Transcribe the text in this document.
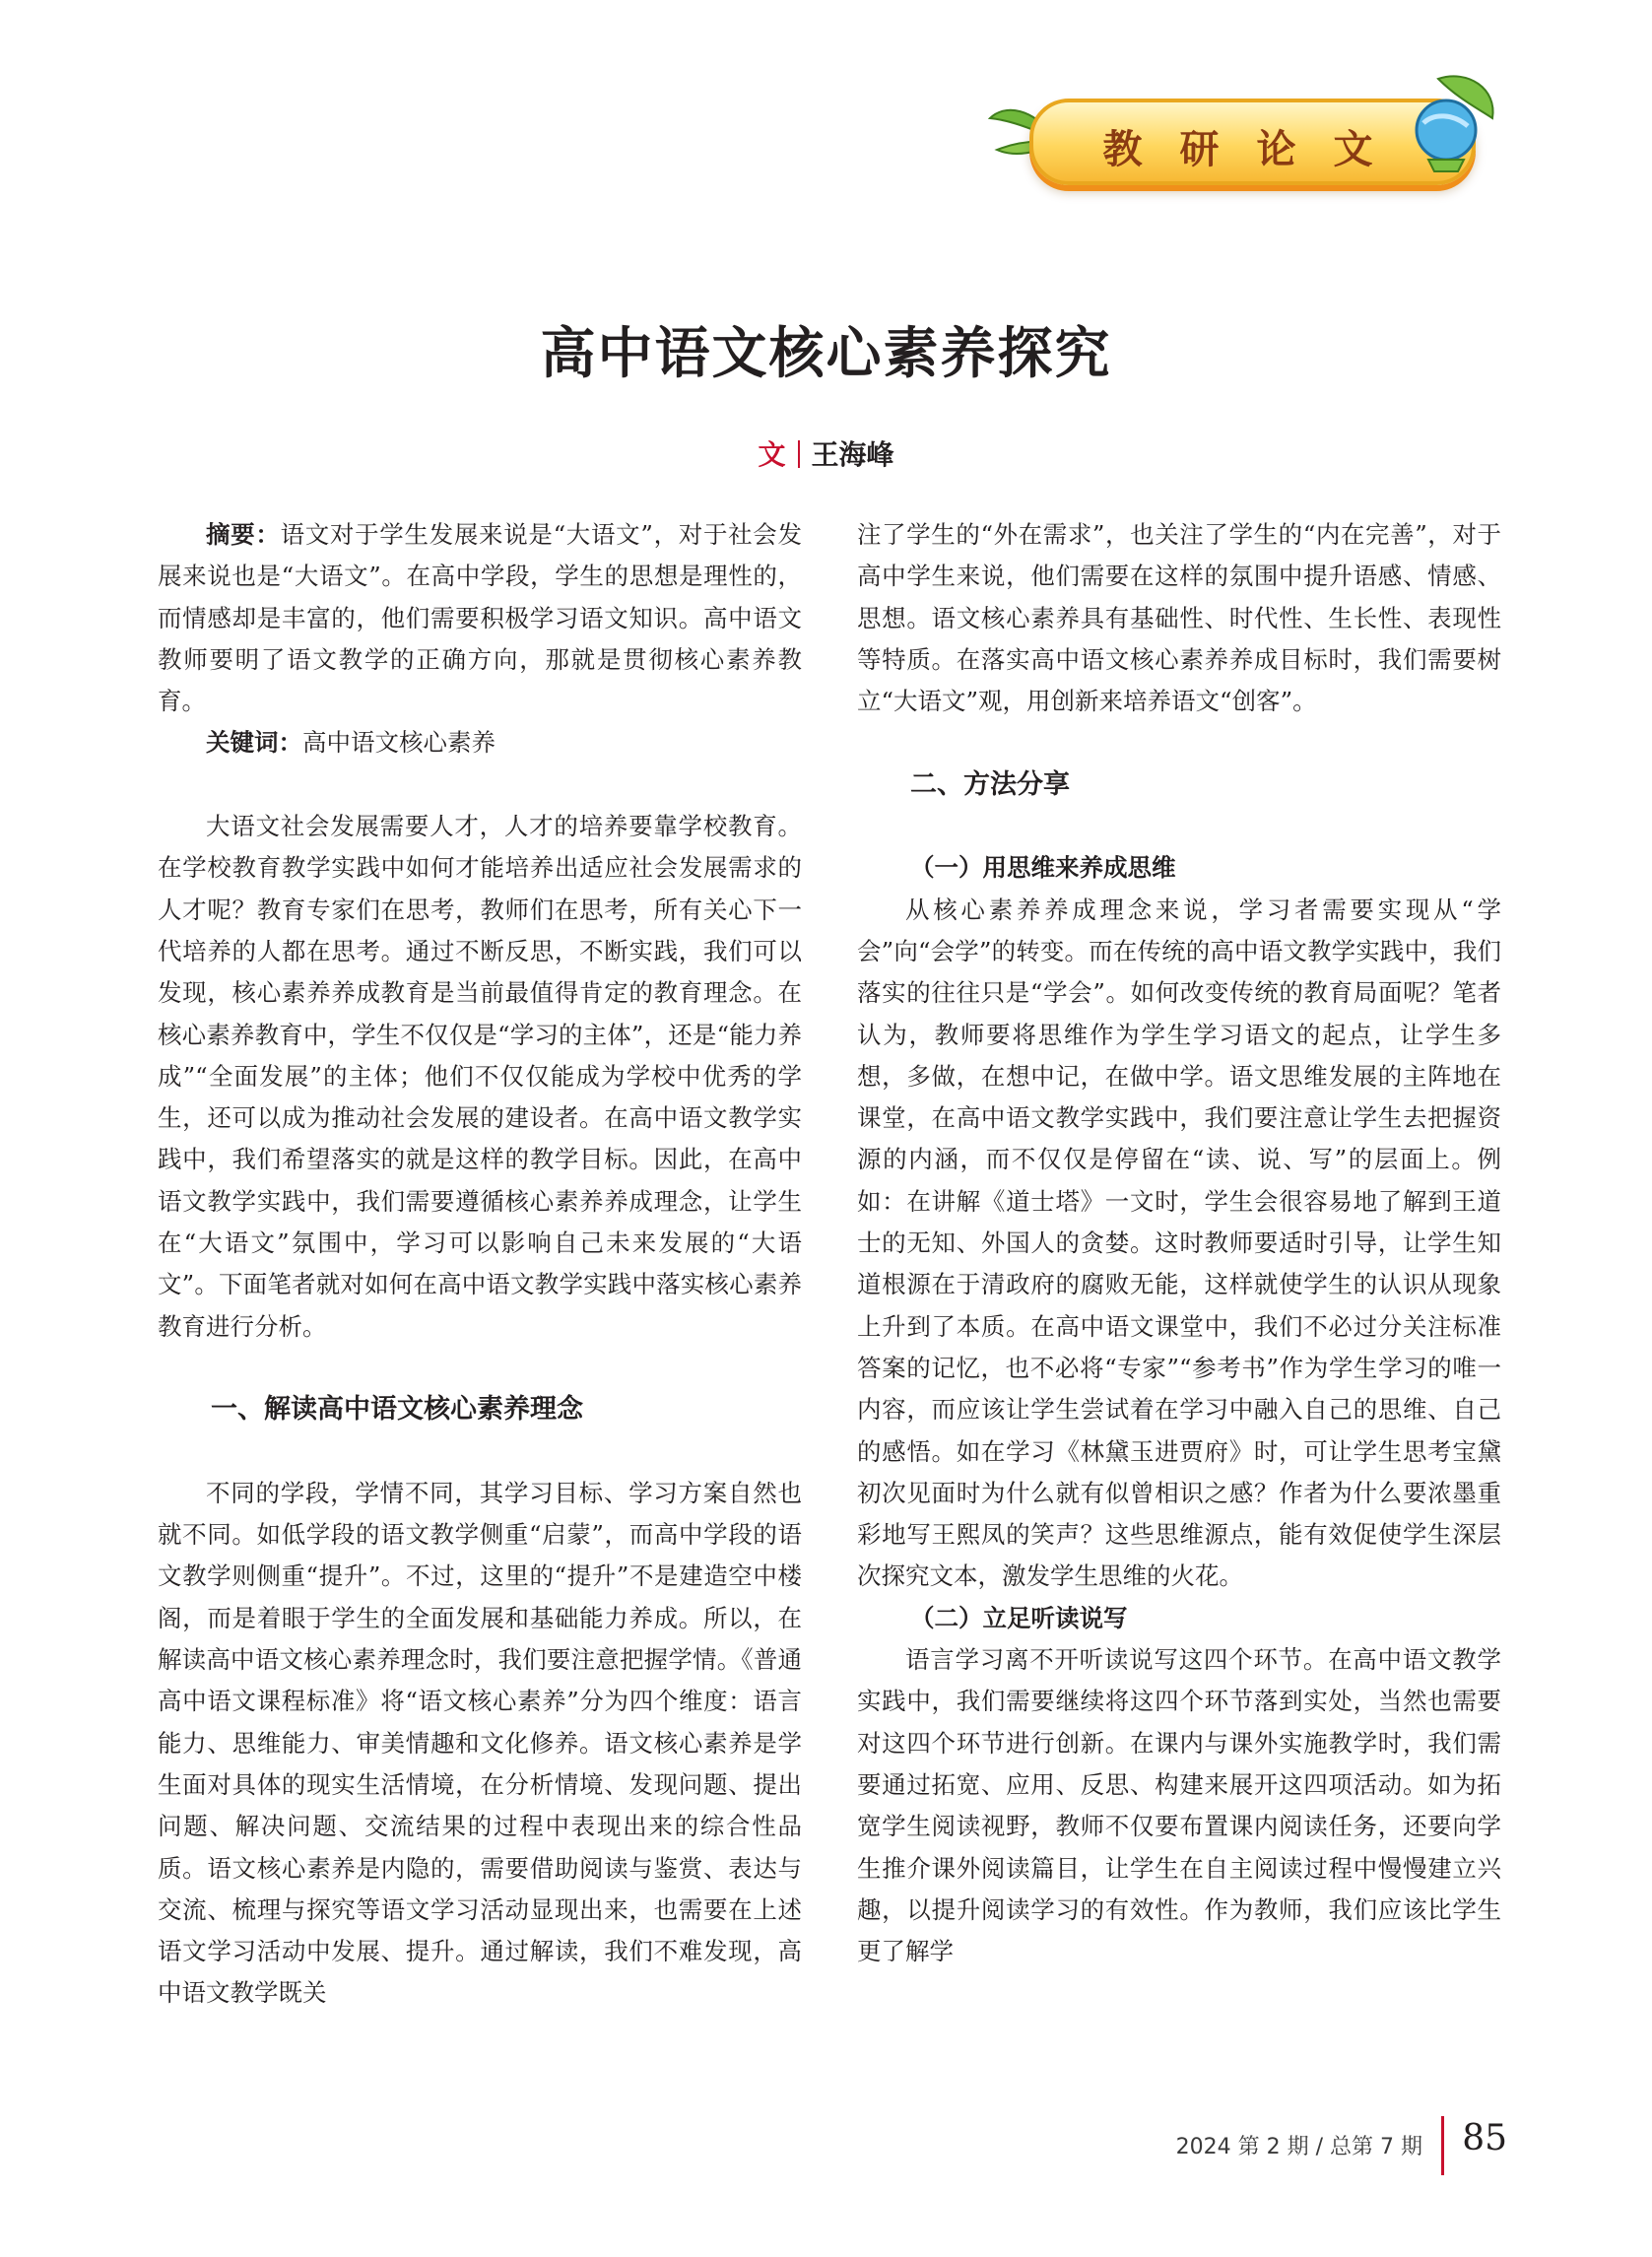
教研论文
高中语文核心素养探究
文 王海峰

摘要：语文对于学生发展来说是“大语文”，对于社会发展来说也是“大语文”。在高中学段，学生的思想是理性的，而情感却是丰富的，他们需要积极学习语文知识。高中语文教师要明了语文教学的正确方向，那就是贯彻核心素养教育。

关键词：高中语文核心素养

大语文社会发展需要人才，人才的培养要靠学校教育。在学校教育教学实践中如何才能培养出适应社会发展需求的人才呢？教育专家们在思考，教师们在思考，所有关心下一代培养的人都在思考。通过不断反思，不断实践，我们可以发现，核心素养养成教育是当前最值得肯定的教育理念。在核心素养教育中，学生不仅仅是“学习的主体”，还是“能力养成”“全面发展”的主体；他们不仅仅能成为学校中优秀的学生，还可以成为推动社会发展的建设者。在高中语文教学实践中，我们希望落实的就是这样的教学目标。因此，在高中语文教学实践中，我们需要遵循核心素养养成理念，让学生在“大语文”氛围中，学习可以影响自己未来发展的“大语文”。下面笔者就对如何在高中语文教学实践中落实核心素养教育进行分析。

一、解读高中语文核心素养理念

不同的学段，学情不同，其学习目标、学习方案自然也就不同。如低学段的语文教学侧重“启蒙”，而高中学段的语文教学则侧重“提升”。不过，这里的“提升”不是建造空中楼阁，而是着眼于学生的全面发展和基础能力养成。所以，在解读高中语文核心素养理念时，我们要注意把握学情。《普通高中语文课程标准》将“语文核心素养”分为四个维度：语言能力、思维能力、审美情趣和文化修养。语文核心素养是学生面对具体的现实生活情境，在分析情境、发现问题、提出问题、解决问题、交流结果的过程中表现出来的综合性品质。语文核心素养是内隐的，需要借助阅读与鉴赏、表达与交流、梳理与探究等语文学习活动显现出来，也需要在上述语文学习活动中发展、提升。通过解读，我们不难发现，高中语文教学既关

注了学生的“外在需求”，也关注了学生的“内在完善”，对于高中学生来说，他们需要在这样的氛围中提升语感、情感、思想。语文核心素养具有基础性、时代性、生长性、表现性等特质。在落实高中语文核心素养养成目标时，我们需要树立“大语文”观，用创新来培养语文“创客”。

二、方法分享
（一）用思维来养成思维

从核心素养养成理念来说，学习者需要实现从“学会”向“会学”的转变。而在传统的高中语文教学实践中，我们落实的往往只是“学会”。如何改变传统的教育局面呢？笔者认为，教师要将思维作为学生学习语文的起点，让学生多想，多做，在想中记，在做中学。语文思维发展的主阵地在课堂，在高中语文教学实践中，我们要注意让学生去把握资源的内涵，而不仅仅是停留在“读、说、写”的层面上。例如：在讲解《道士塔》一文时，学生会很容易地了解到王道士的无知、外国人的贪婪。这时教师要适时引导，让学生知道根源在于清政府的腐败无能，这样就使学生的认识从现象上升到了本质。在高中语文课堂中，我们不必过分关注标准答案的记忆，也不必将“专家”“参考书”作为学生学习的唯一内容，而应该让学生尝试着在学习中融入自己的思维、自己的感悟。如在学习《林黛玉进贾府》时，可让学生思考宝黛初次见面时为什么就有似曾相识之感？作者为什么要浓墨重彩地写王熙凤的笑声？这些思维源点，能有效促使学生深层次探究文本，激发学生思维的火花。

（二）立足听读说写

语言学习离不开听读说写这四个环节。在高中语文教学实践中，我们需要继续将这四个环节落到实处，当然也需要对这四个环节进行创新。在课内与课外实施教学时，我们需要通过拓宽、应用、反思、构建来展开这四项活动。如为拓宽学生阅读视野，教师不仅要布置课内阅读任务，还要向学生推介课外阅读篇目，让学生在自主阅读过程中慢慢建立兴趣，以提升阅读学习的有效性。作为教师，我们应该比学生更了解学

2024 第 2 期 / 总第 7 期 85
